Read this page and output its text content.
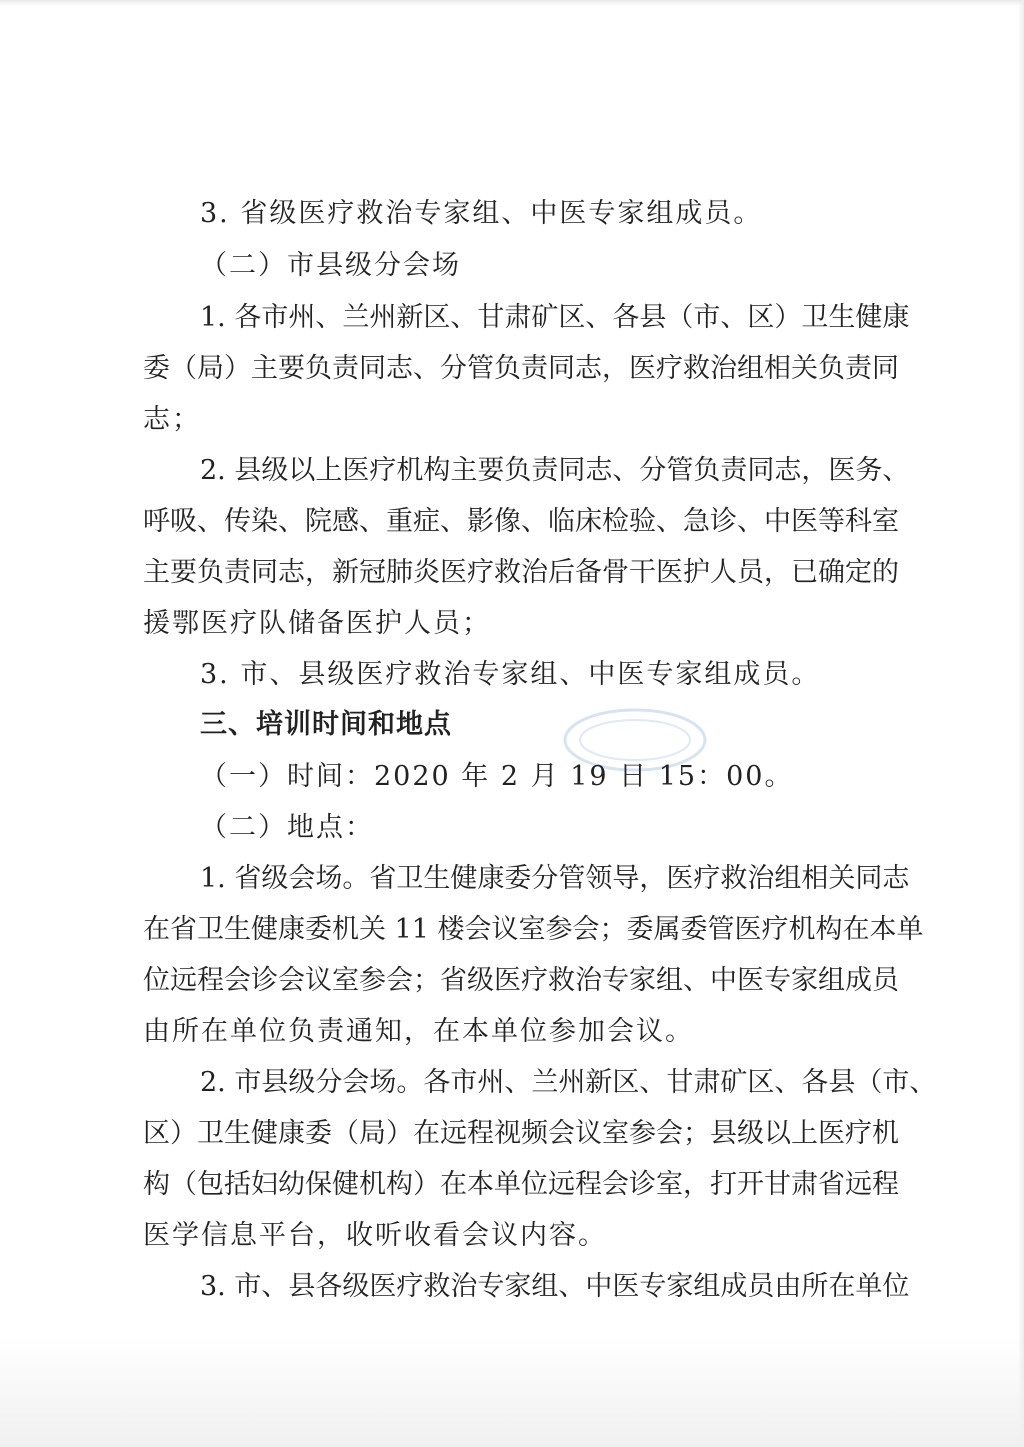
3. 省级医疗救治专家组、中医专家组成员。
（二）市县级分会场
1. 各市州、兰州新区、甘肃矿区、各县（市、区）卫生健康
委（局）主要负责同志、分管负责同志，医疗救治组相关负责同
志；
2. 县级以上医疗机构主要负责同志、分管负责同志，医务、
呼吸、传染、院感、重症、影像、临床检验、急诊、中医等科室
主要负责同志，新冠肺炎医疗救治后备骨干医护人员，已确定的
援鄂医疗队储备医护人员；
3. 市、县级医疗救治专家组、中医专家组成员。
三、培训时间和地点
（一）时间：2020 年 2 月 19 日 15：00。
（二）地点：
1. 省级会场。省卫生健康委分管领导，医疗救治组相关同志
在省卫生健康委机关 11 楼会议室参会；委属委管医疗机构在本单
位远程会诊会议室参会；省级医疗救治专家组、中医专家组成员
由所在单位负责通知，在本单位参加会议。
2. 市县级分会场。各市州、兰州新区、甘肃矿区、各县（市、
区）卫生健康委（局）在远程视频会议室参会；县级以上医疗机
构（包括妇幼保健机构）在本单位远程会诊室，打开甘肃省远程
医学信息平台，收听收看会议内容。
3. 市、县各级医疗救治专家组、中医专家组成员由所在单位
